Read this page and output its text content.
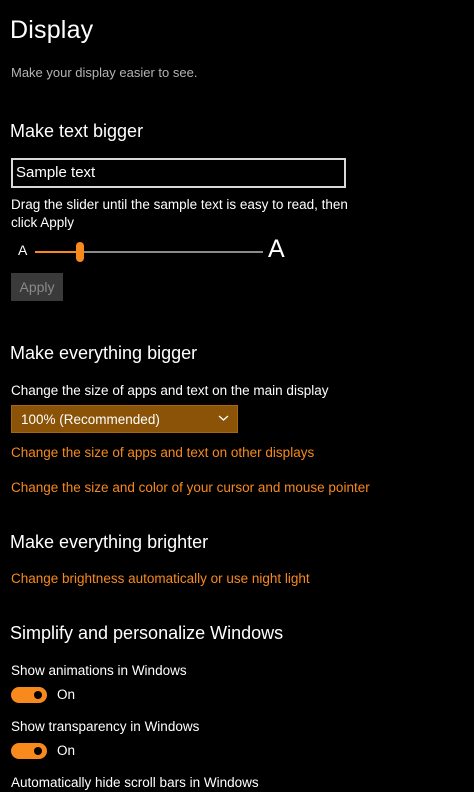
Display
Make your display easier to see.
Make text bigger
Sample text
Drag the slider until the sample text is easy to read, then
click Apply
A	A
Apply
Make everything bigger
Change the size of apps and text on the main display
100% (Recommended)
Change the size of apps and text on other displays
Change the size and color of your cursor and mouse pointer
Make everything brighter
Change brightness automatically or use night light
Simplify and personalize Windows
Show animations in Windows
On
Show transparency in Windows
On
Automatically hide scroll bars in Windows
